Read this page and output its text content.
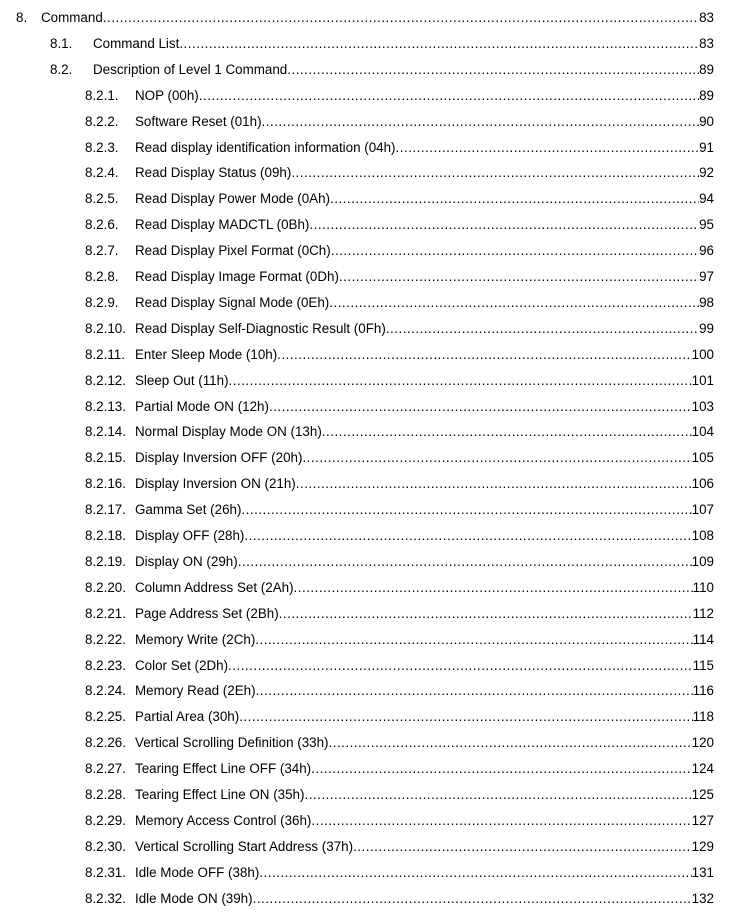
8. Command .....	83
8.1. Command List .....	83
8.2. Description of Level 1 Command .....	89
8.2.1. NOP (00h) .....	89
8.2.2. Software Reset (01h) .....	90
8.2.3. Read display identification information (04h) .....	91
8.2.4. Read Display Status (09h) .....	92
8.2.5. Read Display Power Mode (0Ah) .....	94
8.2.6. Read Display MADCTL (0Bh) .....	95
8.2.7. Read Display Pixel Format (0Ch) .....	96
8.2.8. Read Display Image Format (0Dh) .....	97
8.2.9. Read Display Signal Mode (0Eh) .....	98
8.2.10. Read Display Self-Diagnostic Result (0Fh) .....	99
8.2.11. Enter Sleep Mode (10h) .....	100
8.2.12. Sleep Out (11h) .....	101
8.2.13. Partial Mode ON (12h) .....	103
8.2.14. Normal Display Mode ON (13h) .....	104
8.2.15. Display Inversion OFF (20h) .....	105
8.2.16. Display Inversion ON (21h) .....	106
8.2.17. Gamma Set (26h) .....	107
8.2.18. Display OFF (28h) .....	108
8.2.19. Display ON (29h) .....	109
8.2.20. Column Address Set (2Ah) .....	110
8.2.21. Page Address Set (2Bh) .....	112
8.2.22. Memory Write (2Ch) .....	114
8.2.23. Color Set (2Dh) .....	115
8.2.24. Memory Read (2Eh) .....	116
8.2.25. Partial Area (30h) .....	118
8.2.26. Vertical Scrolling Definition (33h) .....	120
8.2.27. Tearing Effect Line OFF (34h) .....	124
8.2.28. Tearing Effect Line ON (35h) .....	125
8.2.29. Memory Access Control (36h) .....	127
8.2.30. Vertical Scrolling Start Address (37h) .....	129
8.2.31. Idle Mode OFF (38h) .....	131
8.2.32. Idle Mode ON (39h) .....	132
